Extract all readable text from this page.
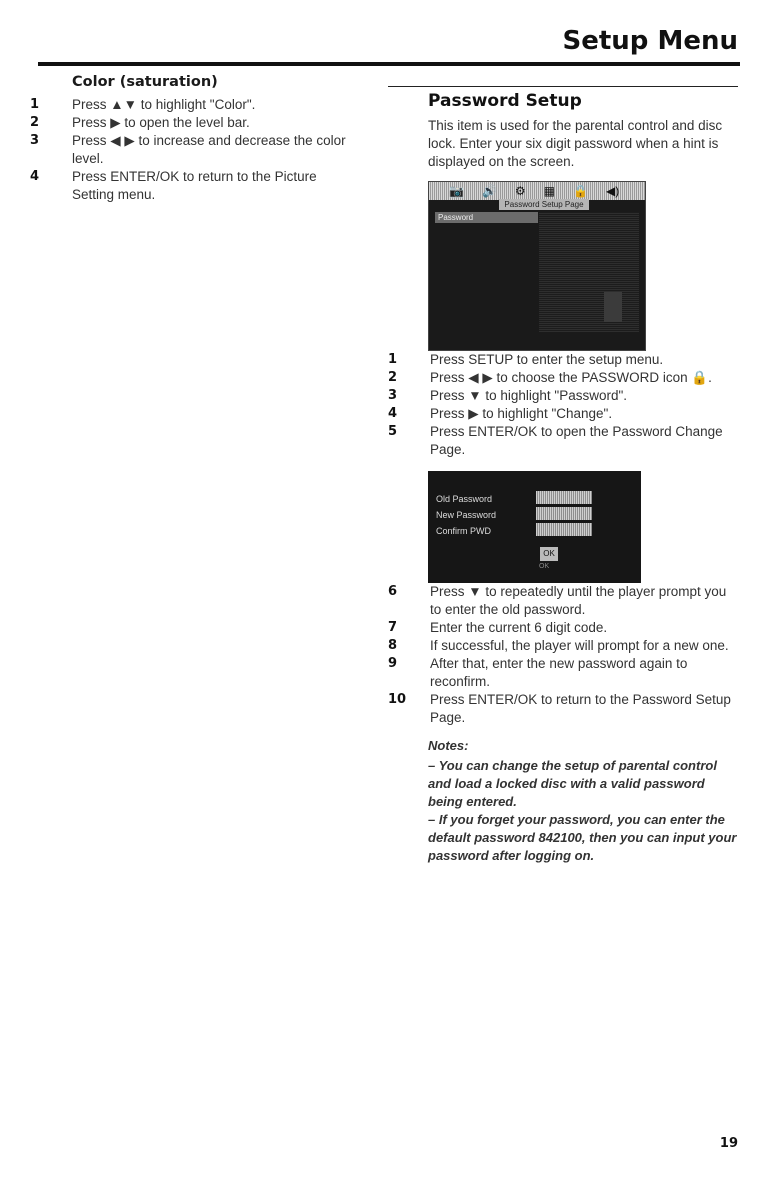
Setup Menu
Color (saturation)
1	Press ▲▼ to highlight "Color".
2	Press ▶ to open the level bar.
3	Press ◀ ▶ to increase and decrease the color level.
4	Press ENTER/OK to return to the Picture Setting menu.
Password Setup
This item is used for the parental control and disc lock. Enter your six digit password when a hint is displayed on the screen.
📷 🔊 ⚙ ▦ 🔒 ◀)
Password Setup Page
Password
1	Press SETUP to enter the setup menu.
2	Press ◀ ▶ to choose the PASSWORD icon 🔒.
3	Press ▼ to highlight "Password".
4	Press ▶ to highlight "Change".
5	Press ENTER/OK to open the Password Change Page.
Old Password
New Password
Confirm PWD
OK
OK
6	Press ▼ to repeatedly until the player prompt you to enter the old password.
7	Enter the current 6 digit code.
8	If successful, the player will prompt for a new one.
9	After that, enter the new password again to reconfirm.
10 Press ENTER/OK to return to the Password Setup Page.
Notes:
– You can change the setup of parental control and load a locked disc with a valid password being entered.
– If you forget your password, you can enter the default password 842100, then you can input your password after logging on.
19
